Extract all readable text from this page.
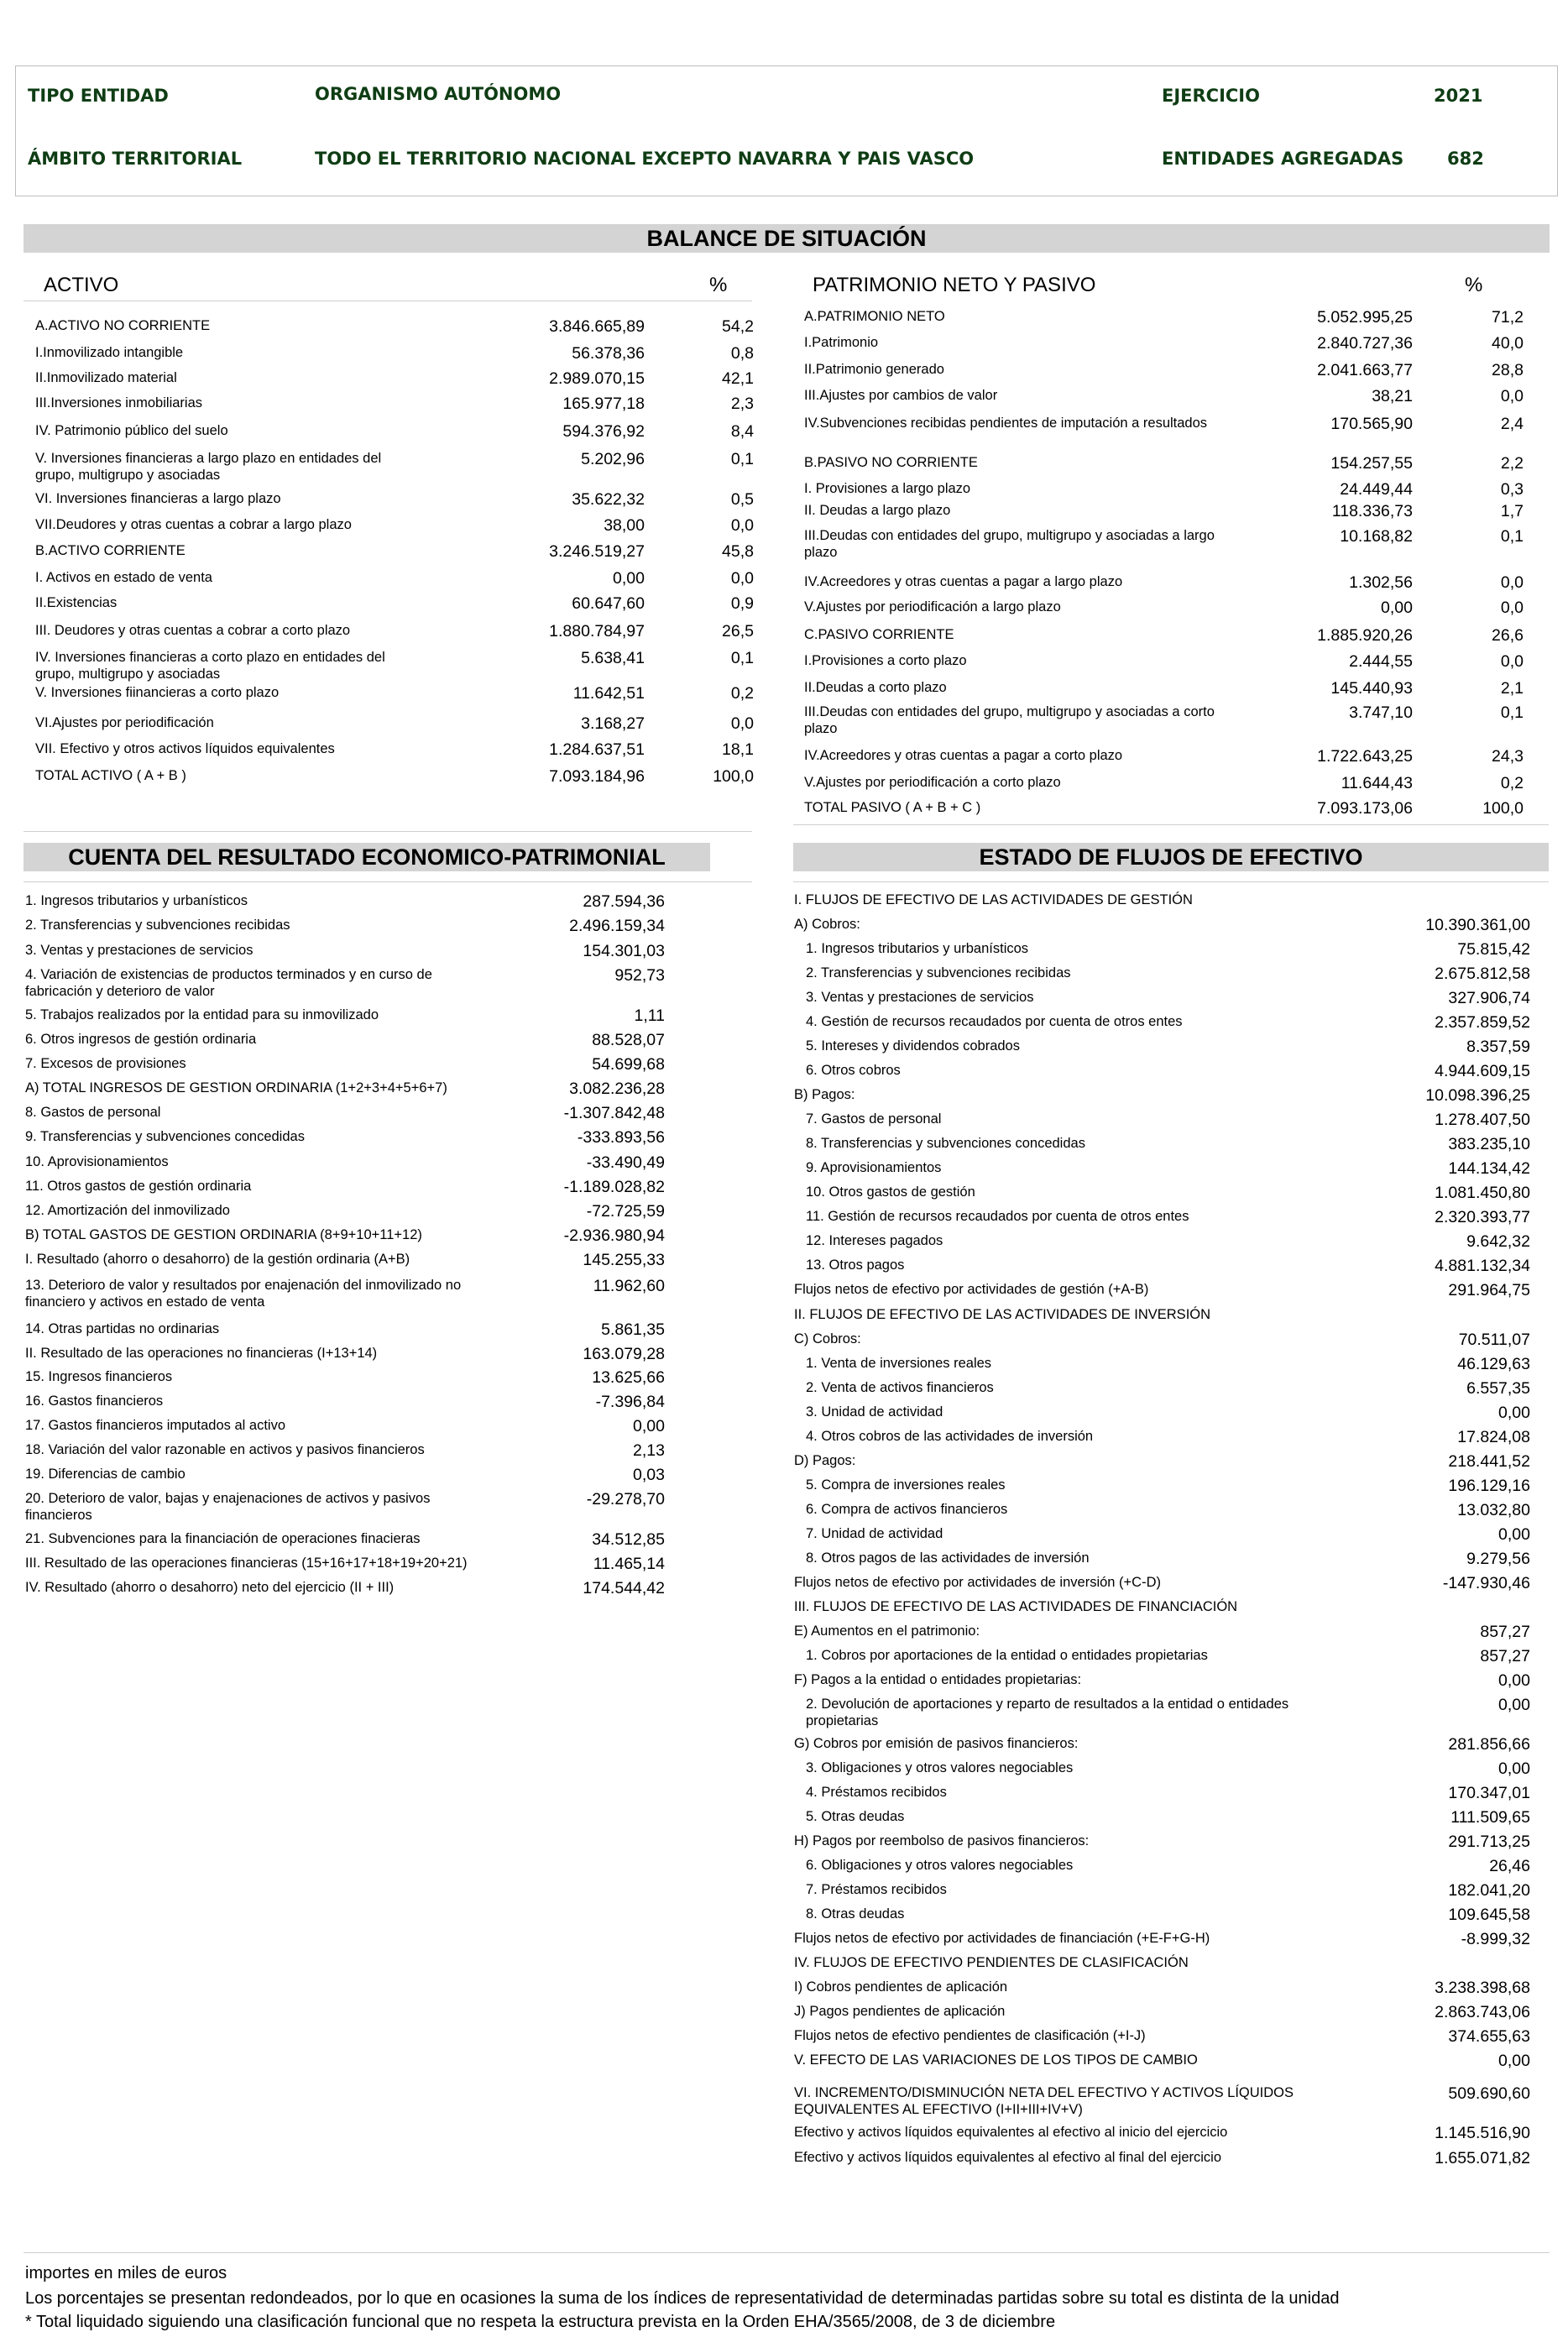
TIPO ENTIDAD	ORGANISMO AUTÓNOMO	EJERCICIO	2021
ÁMBITO TERRITORIAL	TODO EL TERRITORIO NACIONAL EXCEPTO NAVARRA Y PAIS VASCO	ENTIDADES AGREGADAS 682
BALANCE DE SITUACIÓN
ACTIVO	%	PATRIMONIO NETO Y PASIVO	%
A.ACTIVO NO CORRIENTE	3.846.665,89	54,2
I.Inmovilizado intangible	56.378,36	0,8
II.Inmovilizado material	2.989.070,15	42,1
III.Inversiones inmobiliarias	165.977,18	2,3
IV. Patrimonio público del suelo	594.376,92	8,4
V. Inversiones financieras a largo plazo en entidades del grupo, multigrupo y asociadas
5.202,96	0,1
VI. Inversiones financieras a largo plazo	35.622,32	0,5
VII.Deudores y otras cuentas a cobrar a largo plazo	38,00	0,0
B.ACTIVO CORRIENTE	3.246.519,27	45,8
I. Activos en estado de venta	0,00	0,0
II.Existencias	60.647,60	0,9
III. Deudores y otras cuentas a cobrar a corto plazo	1.880.784,97	26,5
IV. Inversiones financieras a corto plazo en entidades del grupo, multigrupo y asociadas
5.638,41	0,1
V. Inversiones fiinancieras a corto plazo	11.642,51	0,2
VI.Ajustes por periodificación	3.168,27	0,0
VII. Efectivo y otros activos líquidos equivalentes	1.284.637,51	18,1
TOTAL ACTIVO ( A + B )	7.093.184,96	100,0
A.PATRIMONIO NETO	5.052.995,25	71,2
I.Patrimonio	2.840.727,36	40,0
II.Patrimonio generado	2.041.663,77	28,8
III.Ajustes por cambios de valor	38,21	0,0
IV.Subvenciones recibidas pendientes de imputación a resultados	170.565,90	2,4
B.PASIVO NO CORRIENTE	154.257,55	2,2
I. Provisiones a largo plazo	24.449,44	0,3
II. Deudas a largo plazo	118.336,73	1,7
III.Deudas con entidades del grupo, multigrupo y asociadas a largo plazo
10.168,82	0,1
IV.Acreedores y otras cuentas a pagar a largo plazo	1.302,56	0,0
V.Ajustes por periodificación a largo plazo	0,00	0,0
C.PASIVO CORRIENTE	1.885.920,26	26,6
I.Provisiones a corto plazo	2.444,55	0,0
II.Deudas a corto plazo	145.440,93	2,1
III.Deudas con entidades del grupo, multigrupo y asociadas a corto plazo
3.747,10	0,1
IV.Acreedores y otras cuentas a pagar a corto plazo	1.722.643,25	24,3
V.Ajustes por periodificación a corto plazo	11.644,43	0,2
TOTAL PASIVO ( A + B + C )	7.093.173,06	100,0
CUENTA DEL RESULTADO ECONOMICO-PATRIMONIAL
1. Ingresos tributarios y urbanísticos	287.594,36
2. Transferencias y subvenciones recibidas	2.496.159,34
3. Ventas y prestaciones de servicios	154.301,03
4. Variación de existencias de productos terminados y en curso de fabricación y deterioro de valor
952,73
5. Trabajos realizados por la entidad para su inmovilizado	1,11
6. Otros ingresos de gestión ordinaria	88.528,07
7. Excesos de provisiones	54.699,68
A) TOTAL INGRESOS DE GESTION ORDINARIA (1+2+3+4+5+6+7)	3.082.236,28
8. Gastos de personal	-1.307.842,48
9. Transferencias y subvenciones concedidas	-333.893,56
10. Aprovisionamientos	-33.490,49
11. Otros gastos de gestión ordinaria	-1.189.028,82
12. Amortización del inmovilizado	-72.725,59
B) TOTAL GASTOS DE GESTION ORDINARIA (8+9+10+11+12)	-2.936.980,94
I. Resultado (ahorro o desahorro) de la gestión ordinaria (A+B)	145.255,33
13. Deterioro de valor y resultados por enajenación del inmovilizado no financiero y activos en estado de venta
11.962,60
14. Otras partidas no ordinarias	5.861,35
II. Resultado de las operaciones no financieras (I+13+14)	163.079,28
15. Ingresos financieros	13.625,66
16. Gastos financieros	-7.396,84
17. Gastos financieros imputados al activo	0,00
18. Variación del valor razonable en activos y pasivos financieros	2,13
19. Diferencias de cambio	0,03
20. Deterioro de valor, bajas y enajenaciones de activos y pasivos financieros
-29.278,70
21. Subvenciones para la financiación de operaciones finacieras	34.512,85
III. Resultado de las operaciones financieras (15+16+17+18+19+20+21)	11.465,14
IV. Resultado (ahorro o desahorro) neto del ejercicio (II + III)	174.544,42
ESTADO DE FLUJOS DE EFECTIVO
I. FLUJOS DE EFECTIVO DE LAS ACTIVIDADES DE GESTIÓN
A) Cobros:	10.390.361,00
1. Ingresos tributarios y urbanísticos	75.815,42
2. Transferencias y subvenciones recibidas	2.675.812,58
3. Ventas y prestaciones de servicios	327.906,74
4. Gestión de recursos recaudados por cuenta de otros entes	2.357.859,52
5. Intereses y dividendos cobrados	8.357,59
6. Otros cobros	4.944.609,15
B) Pagos:	10.098.396,25
7. Gastos de personal	1.278.407,50
8. Transferencias y subvenciones concedidas	383.235,10
9. Aprovisionamientos	144.134,42
10. Otros gastos de gestión	1.081.450,80
11. Gestión de recursos recaudados por cuenta de otros entes	2.320.393,77
12. Intereses pagados	9.642,32
13. Otros pagos	4.881.132,34
Flujos netos de efectivo por actividades de gestión (+A-B)	291.964,75
II. FLUJOS DE EFECTIVO DE LAS ACTIVIDADES DE INVERSIÓN
C) Cobros:	70.511,07
1. Venta de inversiones reales	46.129,63
2. Venta de activos financieros	6.557,35
3. Unidad de actividad	0,00
4. Otros cobros de las actividades de inversión	17.824,08
D) Pagos:	218.441,52
5. Compra de inversiones reales	196.129,16
6. Compra de activos financieros	13.032,80
7. Unidad de actividad	0,00
8. Otros pagos de las actividades de inversión	9.279,56
Flujos netos de efectivo por actividades de inversión (+C-D)	-147.930,46
III. FLUJOS DE EFECTIVO DE LAS ACTIVIDADES DE FINANCIACIÓN
E) Aumentos en el patrimonio:	857,27
1. Cobros por aportaciones de la entidad o entidades propietarias	857,27
F) Pagos a la entidad o entidades propietarias:	0,00
2. Devolución de aportaciones y reparto de resultados a la entidad o entidades propietarias
0,00
G) Cobros por emisión de pasivos financieros:	281.856,66
3. Obligaciones y otros valores negociables	0,00
4. Préstamos recibidos	170.347,01
5. Otras deudas	111.509,65
H) Pagos por reembolso de pasivos financieros:	291.713,25
6. Obligaciones y otros valores negociables	26,46
7. Préstamos recibidos	182.041,20
8. Otras deudas	109.645,58
Flujos netos de efectivo por actividades de financiación (+E-F+G-H)	-8.999,32
IV. FLUJOS DE EFECTIVO PENDIENTES DE CLASIFICACIÓN
I) Cobros pendientes de aplicación	3.238.398,68
J) Pagos pendientes de aplicación	2.863.743,06
Flujos netos de efectivo pendientes de clasificación (+I-J)	374.655,63
V. EFECTO DE LAS VARIACIONES DE LOS TIPOS DE CAMBIO	0,00
VI. INCREMENTO/DISMINUCIÓN NETA DEL EFECTIVO Y ACTIVOS LÍQUIDOS EQUIVALENTES AL EFECTIVO (I+II+III+IV+V)
509.690,60
Efectivo y activos líquidos equivalentes al efectivo al inicio del ejercicio	1.145.516,90
Efectivo y activos líquidos equivalentes al efectivo al final del ejercicio	1.655.071,82
importes en miles de euros
Los porcentajes se presentan redondeados, por lo que en ocasiones la suma de los índices de representatividad de determinadas partidas sobre su total es distinta de la unidad
* Total liquidado siguiendo una clasificación funcional que no respeta la estructura prevista en la Orden EHA/3565/2008, de 3 de diciembre
